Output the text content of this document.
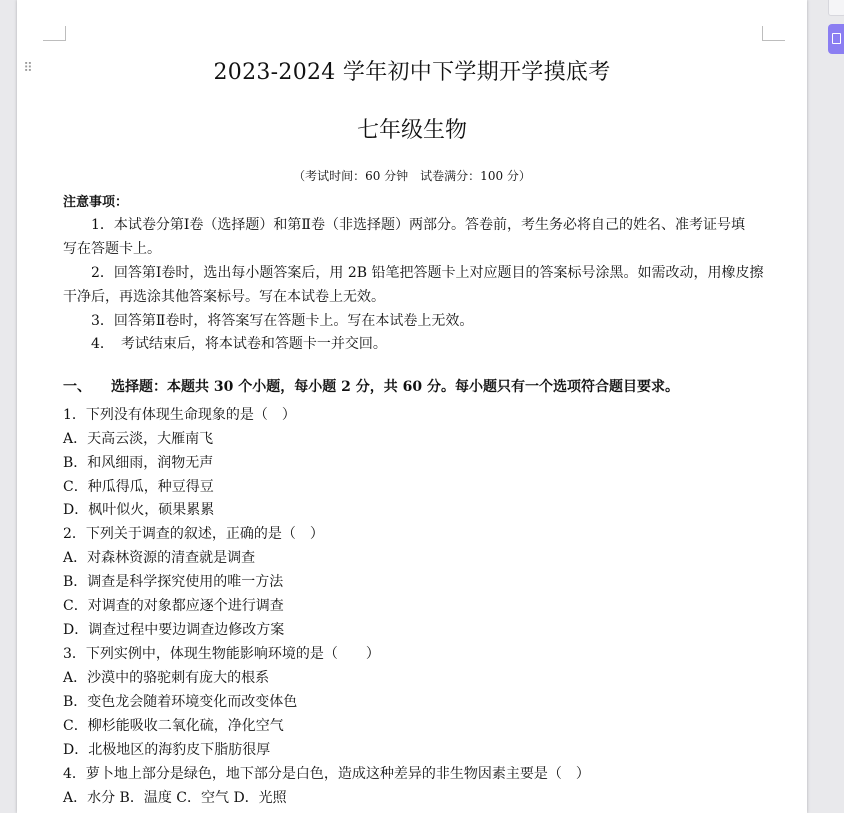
⠿	2023-2024 学年初中下学期开学摸底考
七年级生物
（考试时间：60 分钟　试卷满分：100 分）
注意事项：
1．本试卷分第Ⅰ卷（选择题）和第Ⅱ卷（非选择题）两部分。答卷前，考生务必将自己的姓名、准考证号填
写在答题卡上。
2．回答第Ⅰ卷时，选出每小题答案后，用 2B 铅笔把答题卡上对应题目的答案标号涂黑。如需改动，用橡皮擦
干净后，再选涂其他答案标号。写在本试卷上无效。
3．回答第Ⅱ卷时，将答案写在答题卡上。写在本试卷上无效。
4．　考试结束后，将本试卷和答题卡一并交回。
一、 选择题：本题共 30 个小题，每小题 2 分，共 60 分。每小题只有一个选项符合题目要求。
1．下列没有体现生命现象的是（　）
A．天高云淡，大雁南飞
B．和风细雨，润物无声
C．种瓜得瓜，种豆得豆
D．枫叶似火，硕果累累
2．下列关于调查的叙述，正确的是（　）
A．对森林资源的清查就是调查
B．调查是科学探究使用的唯一方法
C．对调查的对象都应逐个进行调查
D．调查过程中要边调查边修改方案
3．下列实例中，体现生物能影响环境的是（　　）
A．沙漠中的骆驼刺有庞大的根系
B．变色龙会随着环境变化而改变体色
C．柳杉能吸收二氧化硫，净化空气
D．北极地区的海豹皮下脂肪很厚
4．萝卜地上部分是绿色，地下部分是白色，造成这种差异的非生物因素主要是（　）
A．水分 B．温度 C．空气 D．光照
